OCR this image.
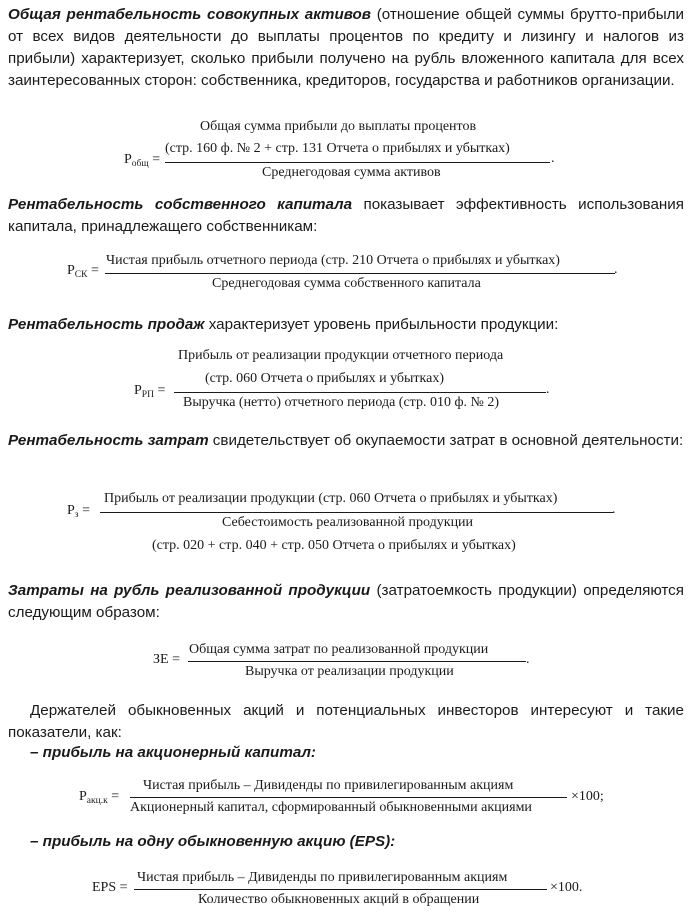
Общая рентабельность совокупных активов (отношение общей суммы брутто-прибыли от всех видов деятельности до выплаты процентов по кредиту и лизингу и налогов из прибыли) характеризует, сколько прибыли получено на рубль вложенного капитала для всех заинтересованных сторон: собственника, кредиторов, государства и работников организации.
$Р_{общ}$ =
Общая сумма прибыли до выплаты процентов
(стр. 160 ф. № 2 + стр. 131 Отчета о прибылях и убытках)
Среднегодовая сумма активов
.
Рентабельность собственного капитала показывает эффективность использования капитала, принадлежащего собственникам:
$Р_{СК}$ =
Чистая прибыль отчетного периода (стр. 210 Отчета о прибылях и убытках)
Среднегодовая сумма собственного капитала
.
Рентабельность продаж характеризует уровень прибыльности продукции:
$Р_{РП}$ =
Прибыль от реализации продукции отчетного периода
(стр. 060 Отчета о прибылях и убытках)
Выручка (нетто) отчетного периода (стр. 010 ф. № 2)
.
Рентабельность затрат свидетельствует об окупаемости затрат в основной деятельности:
$Р_з$ =
Прибыль от реализации продукции (стр. 060 Отчета о прибылях и убытках)
Себестоимость реализованной продукции
(стр. 020 + стр. 040 + стр. 050 Отчета о прибылях и убытках)
.
Затраты на рубль реализованной продукции (затратоемкость продукции) определяются следующим образом:
ЗЕ =
Общая сумма затрат по реализованной продукции
Выручка от реализации продукции
.
Держателей обыкновенных акций и потенциальных инвесторов интересуют и такие показатели, как:
– прибыль на акционерный капитал:
$Р_{акц.к}$ =
Чистая прибыль – Дивиденды по привилегированным акциям
Акционерный капитал, сформированный обыкновенными акциями
×100;
– прибыль на одну обыкновенную акцию (EPS):
EPS =
Чистая прибыль – Дивиденды по привилегированным акциям
Количество обыкновенных акций в обращении
×100.
